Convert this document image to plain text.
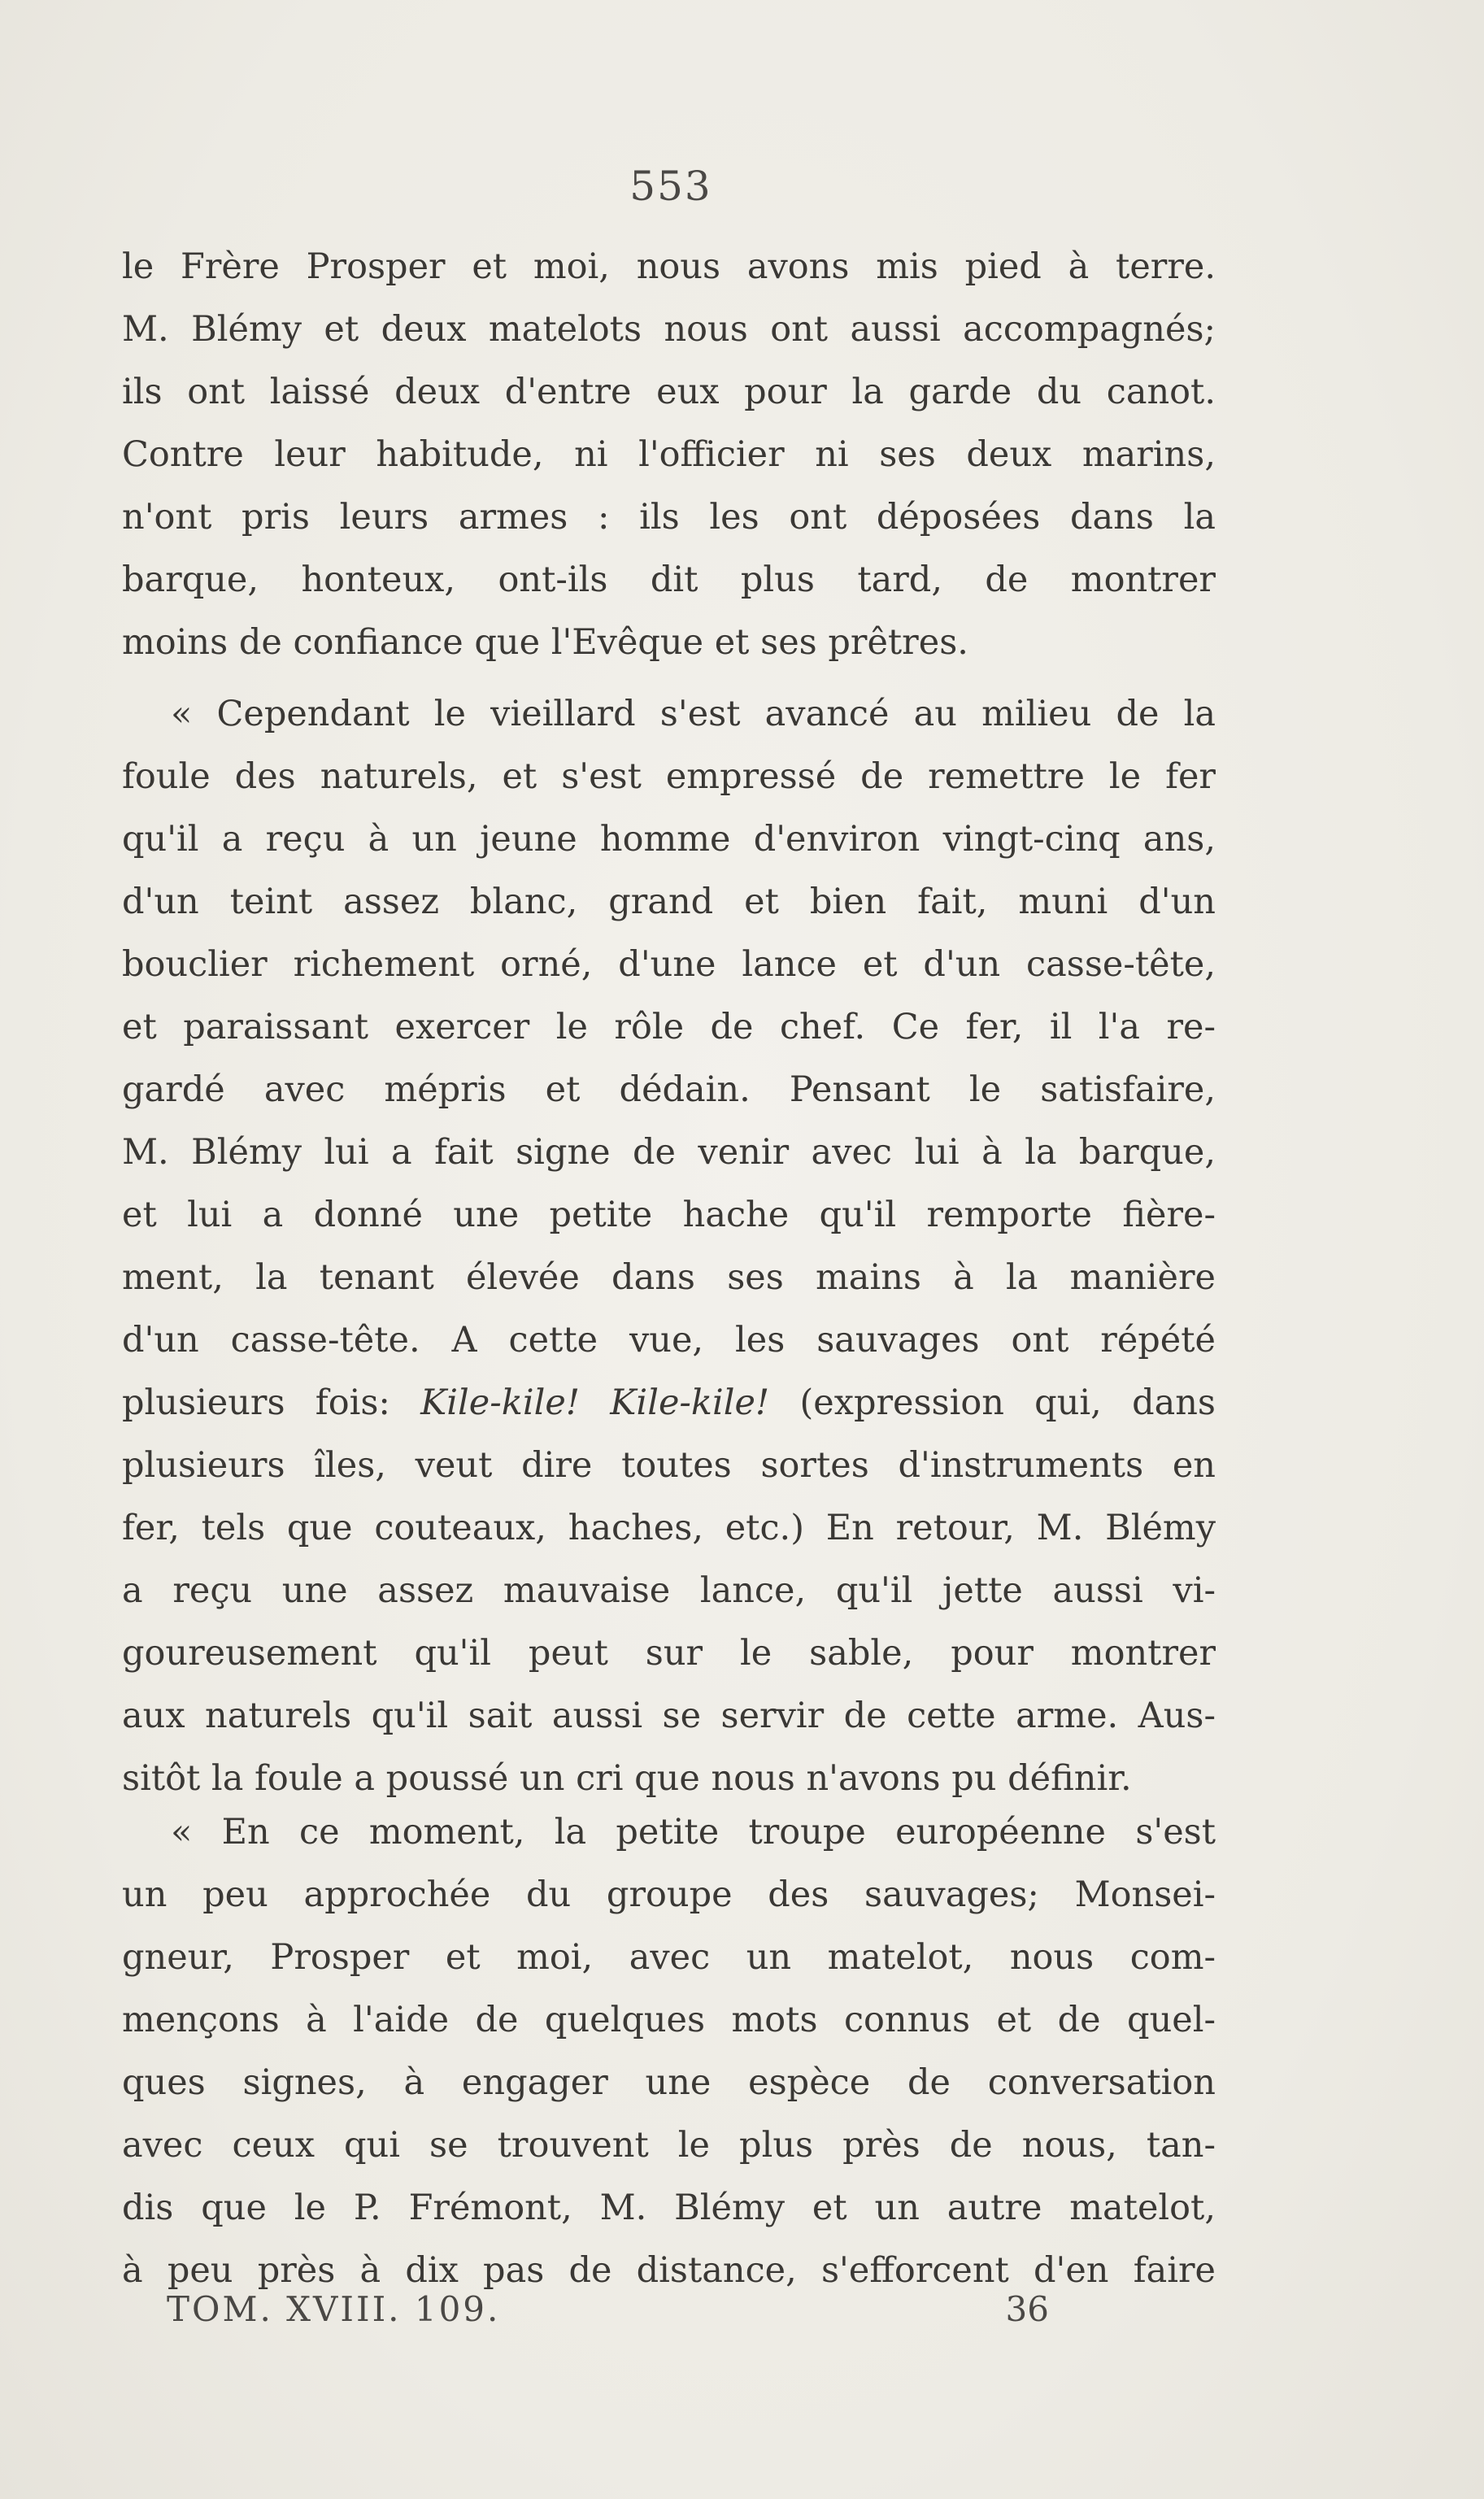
553
le Frère Prosper et moi, nous avons mis pied à terre.
M. Blémy et deux matelots nous ont aussi accompagnés;
ils ont laissé deux d'entre eux pour la garde du canot.
Contre leur habitude, ni l'officier ni ses deux marins,
n'ont pris leurs armes : ils les ont déposées dans la
barque, honteux, ont-ils dit plus tard, de montrer
moins de confiance que l'Evêque et ses prêtres.
« Cependant le vieillard s'est avancé au milieu de la
foule des naturels, et s'est empressé de remettre le fer
qu'il a reçu à un jeune homme d'environ vingt-cinq ans,
d'un teint assez blanc, grand et bien fait, muni d'un
bouclier richement orné, d'une lance et d'un casse-tête,
et paraissant exercer le rôle de chef. Ce fer, il l'a re-
gardé avec mépris et dédain. Pensant le satisfaire,
M. Blémy lui a fait signe de venir avec lui à la barque,
et lui a donné une petite hache qu'il remporte fière-
ment, la tenant élevée dans ses mains à la manière
d'un casse-tête. A cette vue, les sauvages ont répété
plusieurs fois: Kile-kile! Kile-kile! (expression qui, dans
plusieurs îles, veut dire toutes sortes d'instruments en
fer, tels que couteaux, haches, etc.) En retour, M. Blémy
a reçu une assez mauvaise lance, qu'il jette aussi vi-
goureusement qu'il peut sur le sable, pour montrer
aux naturels qu'il sait aussi se servir de cette arme. Aus-
sitôt la foule a poussé un cri que nous n'avons pu définir.
« En ce moment, la petite troupe européenne s'est
un peu approchée du groupe des sauvages; Monsei-
gneur, Prosper et moi, avec un matelot, nous com-
mençons à l'aide de quelques mots connus et de quel-
ques signes, à engager une espèce de conversation
avec ceux qui se trouvent le plus près de nous, tan-
dis que le P. Frémont, M. Blémy et un autre matelot,
à peu près à dix pas de distance, s'efforcent d'en faire
TOM. XVIII. 109.	36
